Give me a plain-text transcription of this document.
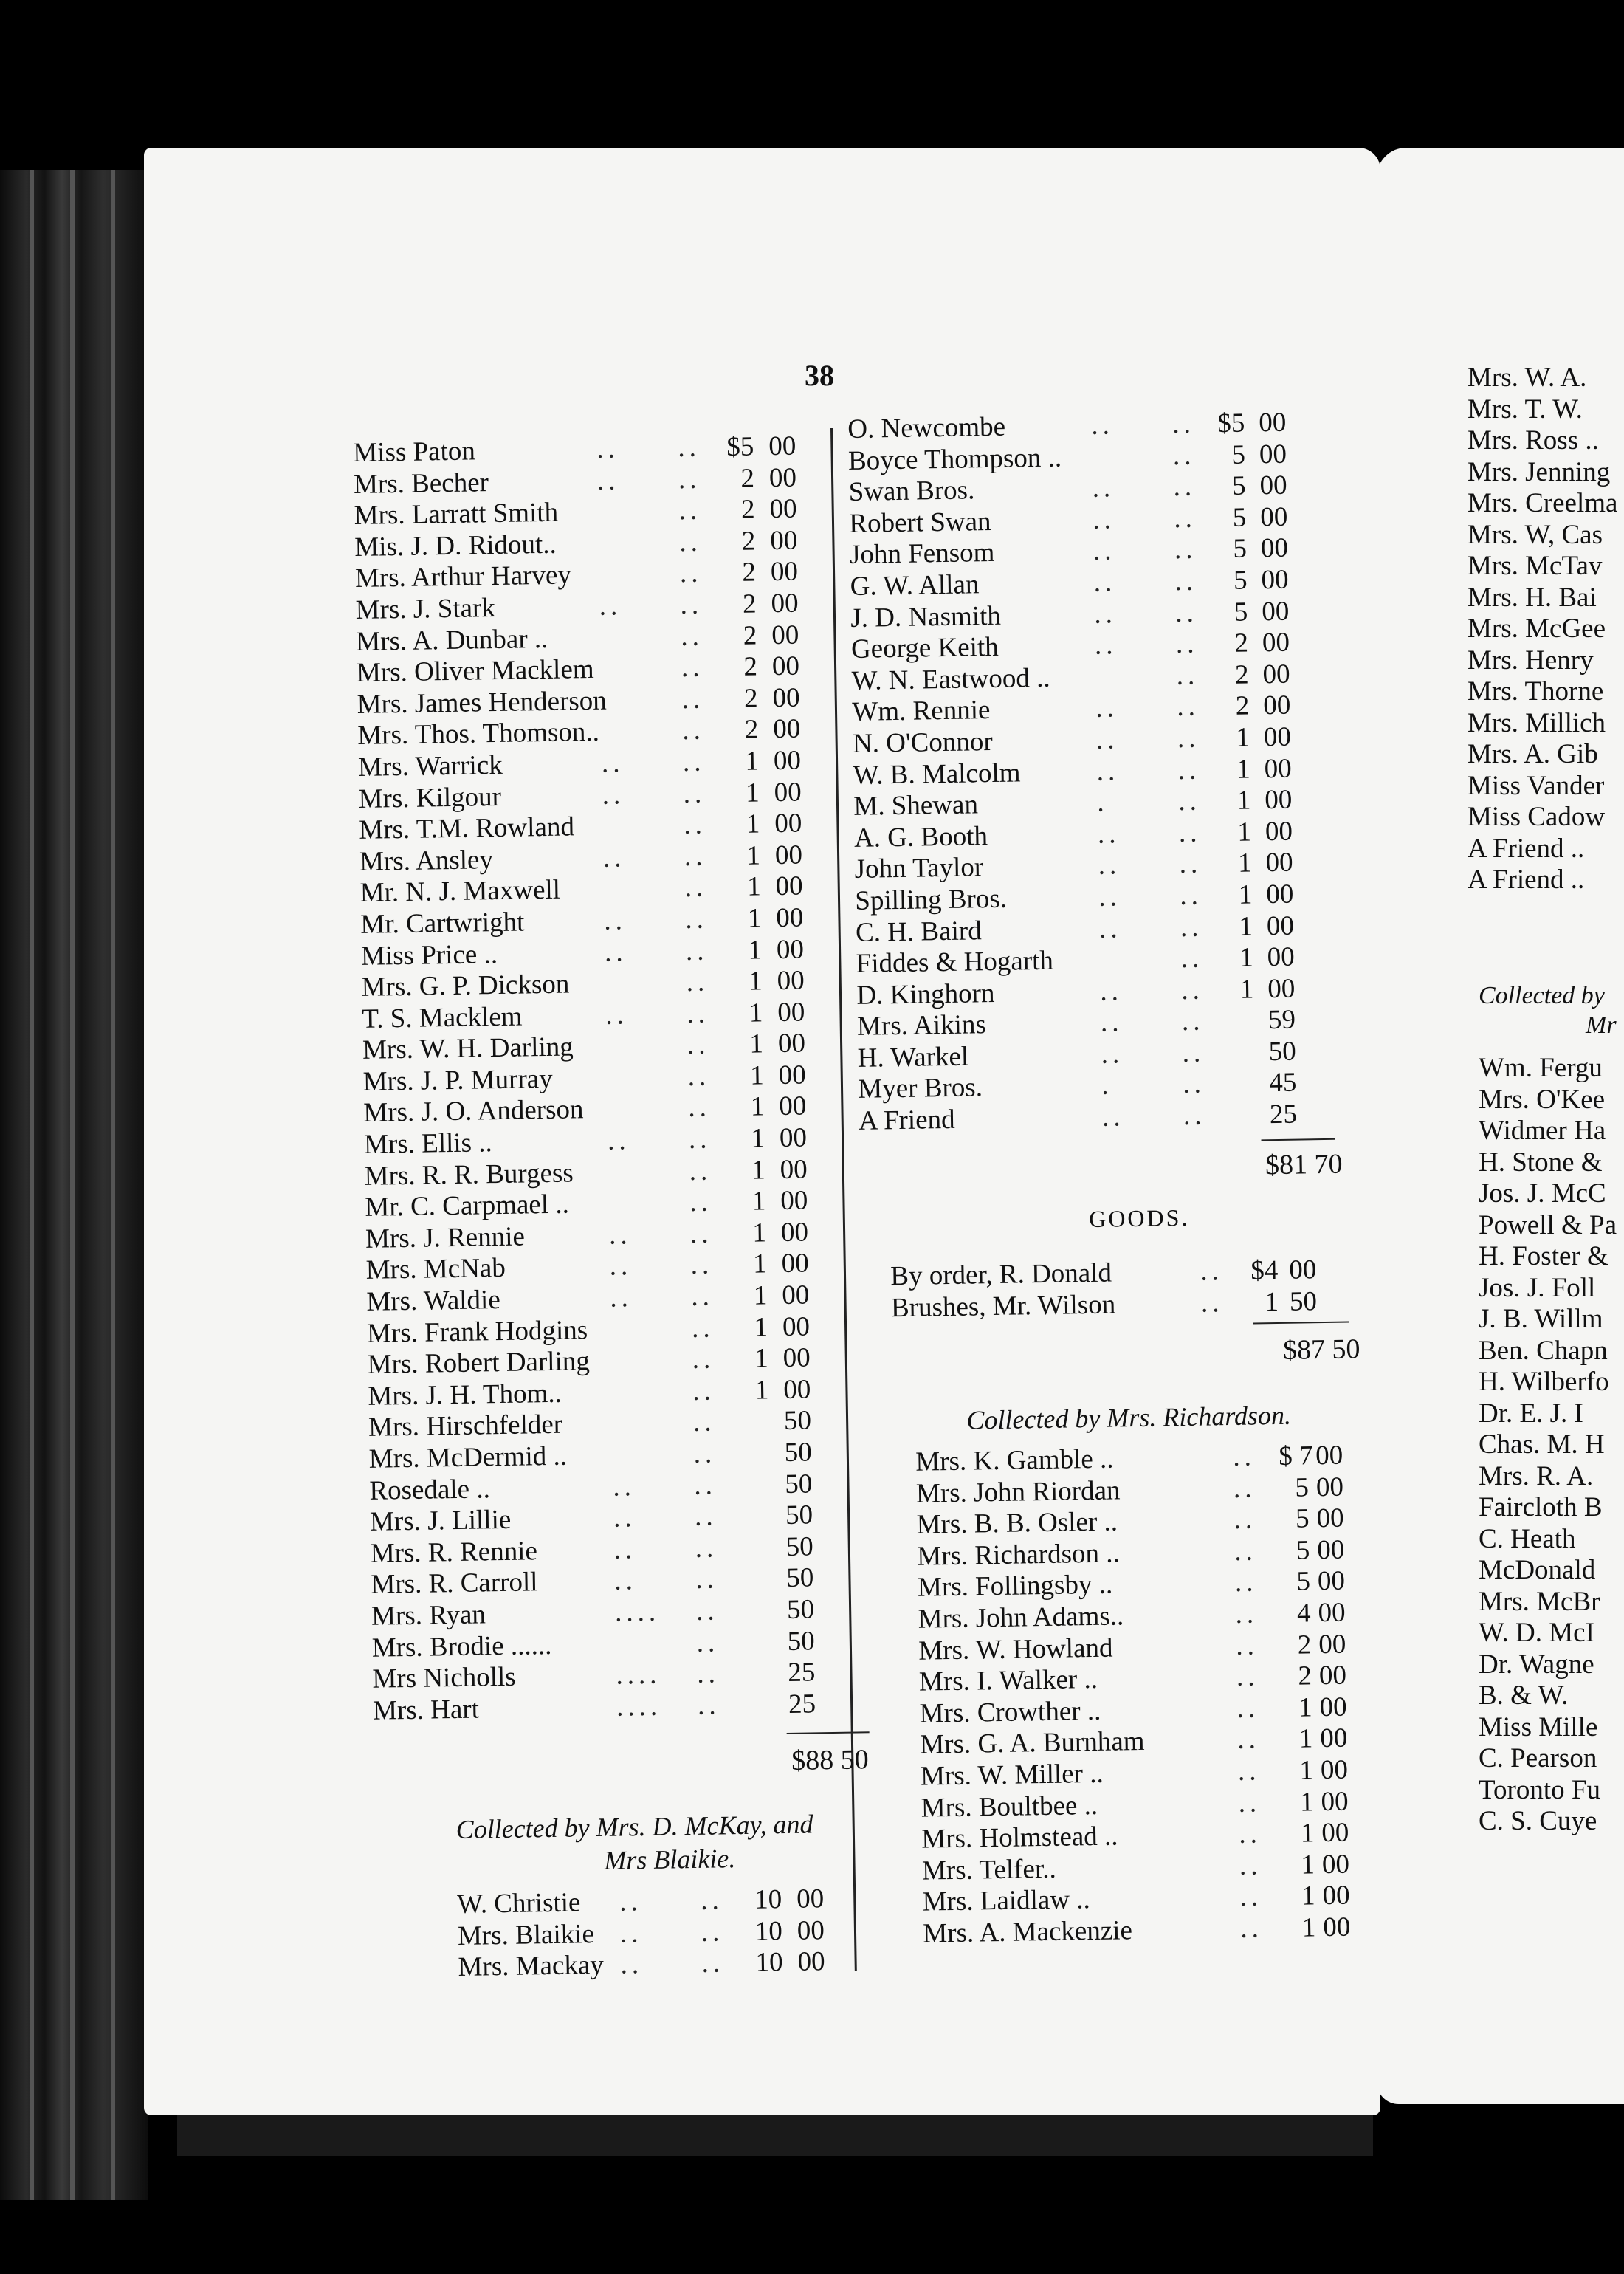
38
Miss Paton	.. .. $5 00
Mrs. Becher	.. ..	2 00
Mrs. Larratt Smith	..	2 00
Mis. J. D. Ridout..	..	2 00
Mrs. Arthur Harvey	..	2 00
Mrs. J. Stark	.. ..	2 00
Mrs. A. Dunbar ..	..	2 00
Mrs. Oliver Macklem	..	2 00
Mrs. James Henderson	..	2 00
Mrs. Thos. Thomson..	..	2 00
Mrs. Warrick	.. ..	1 00
Mrs. Kilgour	.. ..	1 00
Mrs. T.M. Rowland	..	1 00
Mrs. Ansley	.. ..	1 00
Mr. N. J. Maxwell	..	1 00
Mr. Cartwright	.. ..	1 00
Miss Price ..	.. ..	1 00
Mrs. G. P. Dickson	..	1 00
T. S. Macklem	.. ..	1 00
Mrs. W. H. Darling	..	1 00
Mrs. J. P. Murray	..	1 00
Mrs. J. O. Anderson	..	1 00
Mrs. Ellis ..	.. ..	1 00
Mrs. R. R. Burgess	..	1 00
Mr. C. Carpmael ..	..	1 00
Mrs. J. Rennie	.. ..	1 00
Mrs. McNab	.. ..	1 00
Mrs. Waldie	.. ..	1 00
Mrs. Frank Hodgins	..	1 00
Mrs. Robert Darling	..	1 00
Mrs. J. H. Thom..	..	1 00
Mrs. Hirschfelder	.. 50
Mrs. McDermid ..	.. 50
Rosedale ..	.. .. 50
Mrs. J. Lillie	.. .. 50
Mrs. R. Rennie	.. .. 50
Mrs. R. Carroll	.. .. 50
Mrs. Ryan	.... .. 50
Mrs. Brodie ......	.. 50
Mrs Nicholls	.... .. 25
Mrs. Hart	.... .. 25
$88 50
Collected by Mrs. D. McKay, and
Mrs Blaikie.
W. Christie .. .. 10 00
Mrs. Blaikie .. .. 10 00
Mrs. Mackay .. .. 10 00
O. Newcombe	.. .. $5 00
Boyce Thompson ..	..	5 00
Swan Bros.	.. ..	5 00
Robert Swan	.. ..	5 00
John Fensom	.. ..	5 00
G. W. Allan	.. ..	5 00
J. D. Nasmith	.. ..	5 00
George Keith	.. ..	2 00
W. N. Eastwood ..	..	2 00
Wm. Rennie	.. ..	2 00
N. O'Connor	.. ..	1 00
W. B. Malcolm	.. ..	1 00
M. Shewan	.	..	1 00
A. G. Booth	.. ..	1 00
John Taylor	.. ..	1 00
Spilling Bros.	.. ..	1 00
C. H. Baird	.. ..	1 00
Fiddes & Hogarth	..	1 00
D. Kinghorn	.. ..	1 00
Mrs. Aikins	.. .. 59
H. Warkel	.. .. 50
Myer Bros.	.	.. 45
A Friend	.. .. 25
$81 70
GOODS.
By order, R. Donald	.. $4 00
Brushes, Mr. Wilson	..	1 50
$87 50
Collected by Mrs. Richardson.
Mrs. K. Gamble ..	.. $ 7 00
Mrs. John Riordan	..	5 00
Mrs. B. B. Osler ..	..	5 00
Mrs. Richardson ..	..	5 00
Mrs. Follingsby ..	..	5 00
Mrs. John Adams..	..	4 00
Mrs. W. Howland	..	2 00
Mrs. I. Walker ..	..	2 00
Mrs. Crowther ..	..	1 00
Mrs. G. A. Burnham	..	1 00
Mrs. W. Miller ..	..	1 00
Mrs. Boultbee ..	..	1 00
Mrs. Holmstead ..	..	1 00
Mrs. Telfer..	..	1 00
Mrs. Laidlaw ..	..	1 00
Mrs. A. Mackenzie	..	1 00
Mrs. W. A.
Mrs. T. W.
Mrs. Ross ..
Mrs. Jenning
Mrs. Creelma
Mrs. W, Cas
Mrs. McTav
Mrs. H. Bai
Mrs. McGee
Mrs. Henry
Mrs. Thorne
Mrs. Millich
Mrs. A. Gib
Miss Vander
Miss Cadow
A Friend ..
A Friend ..
Collected by
Mr
Wm. Fergu
Mrs. O'Kee
Widmer Ha
H. Stone &
Jos. J. McC
Powell & Pa
H. Foster &
Jos. J. Foll
J. B. Willm
Ben. Chapn
H. Wilberfo
Dr. E. J. I
Chas. M. H
Mrs. R. A.
Faircloth B
C. Heath
McDonald
Mrs. McBr
W. D. McI
Dr. Wagne
B. & W.
Miss Mille
C. Pearson
Toronto Fu
C. S. Cuye
